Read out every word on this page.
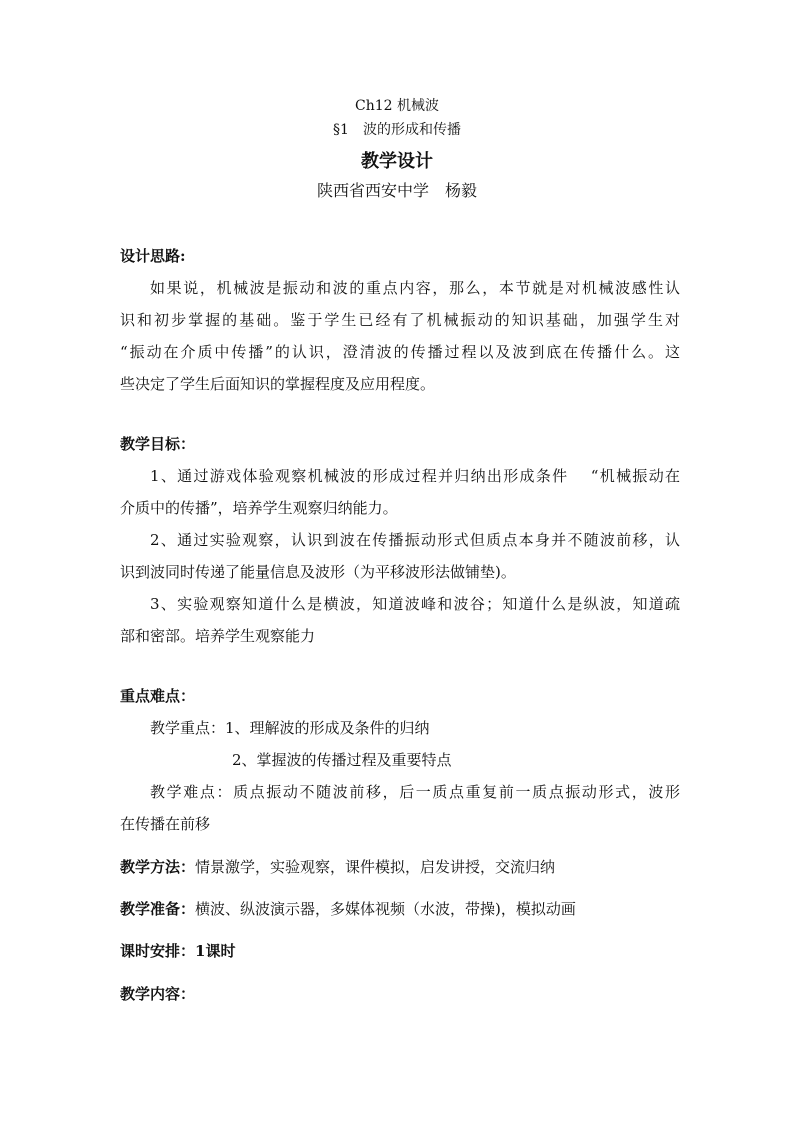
Ch12 机械波
§1　波的形成和传播
教学设计
陕西省西安中学　杨毅
设计思路:
如果说，机械波是振动和波的重点内容，那么，本节就是对机械波感性认
识和初步掌握的基础。鉴于学生已经有了机械振动的知识基础，加强学生对
“振动在介质中传播”的认识，澄清波的传播过程以及波到底在传播什么。这
些决定了学生后面知识的掌握程度及应用程度。
教学目标：
1、通过游戏体验观察机械波的形成过程并归纳出形成条件　 “机械振动在
介质中的传播”，培养学生观察归纳能力。
2、通过实验观察，认识到波在传播振动形式但质点本身并不随波前移，认
识到波同时传递了能量信息及波形（为平移波形法做铺垫)。
3、实验观察知道什么是横波，知道波峰和波谷；知道什么是纵波，知道疏
部和密部。培养学生观察能力
重点难点：
教学重点：1、理解波的形成及条件的归纳
2、掌握波的传播过程及重要特点
教学难点：质点振动不随波前移，后一质点重复前一质点振动形式，波形
在传播在前移
教学方法：情景激学，实验观察，课件模拟，启发讲授，交流归纳
教学准备：横波、纵波演示器，多媒体视频（水波，带操)，模拟动画
课时安排：1课时
教学内容：
